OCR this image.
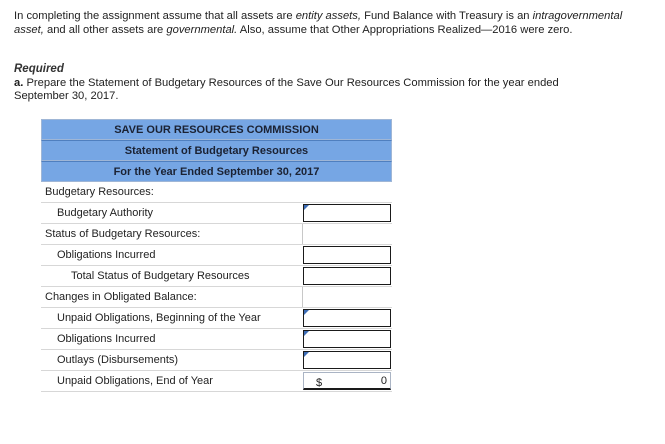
In completing the assignment assume that all assets are entity assets, Fund Balance with Treasury is an intragovernmental asset, and all other assets are governmental. Also, assume that Other Appropriations Realized—2016 were zero.
Required
a. Prepare the Statement of Budgetary Resources of the Save Our Resources Commission for the year ended September 30, 2017.
SAVE OUR RESOURCES COMMISSION
Statement of Budgetary Resources
For the Year Ended September 30, 2017
Budgetary Resources:
Budgetary Authority
Status of Budgetary Resources:
Obligations Incurred
Total Status of Budgetary Resources
Changes in Obligated Balance:
Unpaid Obligations, Beginning of the Year
Obligations Incurred
Outlays (Disbursements)
Unpaid Obligations, End of Year	$	0
